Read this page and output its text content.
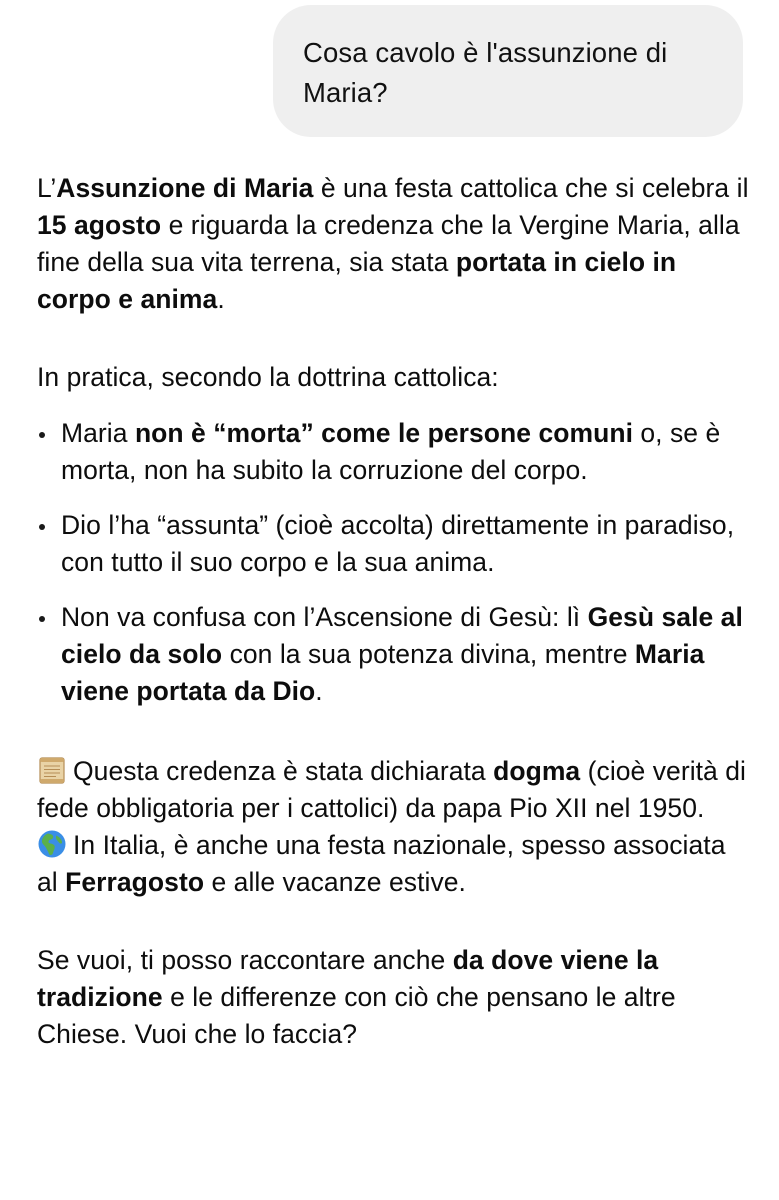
Cosa cavolo è l'assunzione di Maria?

L’Assunzione di Maria è una festa cattolica che si celebra il 15 agosto e riguarda la credenza che la Vergine Maria, alla fine della sua vita terrena, sia stata portata in cielo in corpo e anima.

In pratica, secondo la dottrina cattolica:

Maria non è “morta” come le persone comuni o, se è morta, non ha subito la corruzione del corpo.
Dio l’ha “assunta” (cioè accolta) direttamente in paradiso, con tutto il suo corpo e la sua anima.
Non va confusa con l’Ascensione di Gesù: lì Gesù sale al cielo da solo con la sua potenza divina, mentre Maria viene portata da Dio.

Questa credenza è stata dichiarata dogma (cioè verità di fede obbligatoria per i cattolici) da papa Pio XII nel 1950.

In Italia, è anche una festa nazionale, spesso associata al Ferragosto e alle vacanze estive.

Se vuoi, ti posso raccontare anche da dove viene la tradizione e le differenze con ciò che pensano le altre Chiese. Vuoi che lo faccia?
